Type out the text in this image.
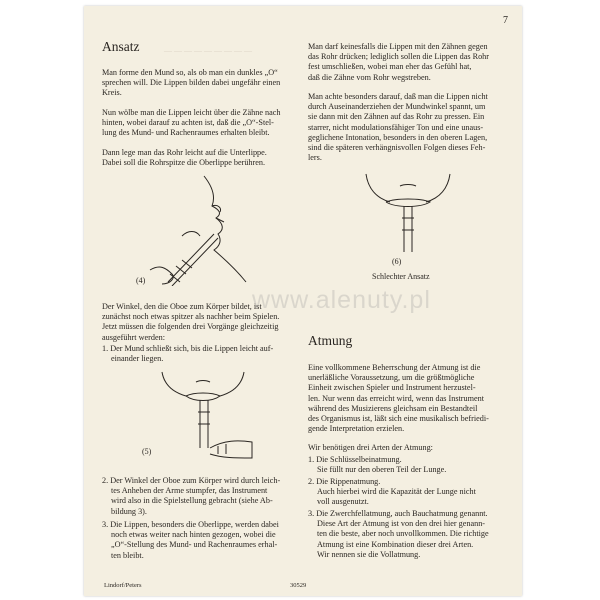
7
Ansatz	— — — — — — — — —

Man forme den Mund so, als ob man ein dunkles „O“
sprechen will. Die Lippen bilden dabei ungefähr einen
Kreis.

Nun wölbe man die Lippen leicht über die Zähne nach
hinten, wobei darauf zu achten ist, daß die „O“-Stel-
lung des Mund- und Rachenraumes erhalten bleibt.

Dann lege man das Rohr leicht auf die Unterlippe.
Dabei soll die Rohrspitze die Oberlippe berühren.

(4)

Der Winkel, den die Oboe zum Körper bildet, ist
zunächst noch etwas spitzer als nachher beim Spielen.
Jetzt müssen die folgenden drei Vorgänge gleichzeitig
ausgeführt werden:

1. Der Mund schließt sich, bis die Lippen leicht auf-
einander liegen.

(5)

2. Der Winkel der Oboe zum Körper wird durch leich-
tes Anheben der Arme stumpfer, das Instrument
wird also in die Spielstellung gebracht (siehe Ab-
bildung 3).

3. Die Lippen, besonders die Oberlippe, werden dabei
noch etwas weiter nach hinten gezogen, wobei die
„O“-Stellung des Mund- und Rachenraumes erhal-
ten bleibt.

Man darf keinesfalls die Lippen mit den Zähnen gegen
das Rohr drücken; lediglich sollen die Lippen das Rohr
fest umschließen, wobei man eher das Gefühl hat,
daß die Zähne vom Rohr wegstreben.

Man achte besonders darauf, daß man die Lippen nicht
durch Auseinanderziehen der Mundwinkel spannt, um
sie dann mit den Zähnen auf das Rohr zu pressen. Ein
starrer, nicht modulationsfähiger Ton und eine unaus-
geglichene Intonation, besonders in den oberen Lagen,
sind die späteren verhängnisvollen Folgen dieses Feh-
lers.

(6)
Schlechter Ansatz
Atmung

Eine vollkommene Beherrschung der Atmung ist die
unerläßliche Voraussetzung, um die größtmögliche
Einheit zwischen Spieler und Instrument herzustel-
len. Nur wenn das erreicht wird, wenn das Instrument
während des Musizierens gleichsam ein Bestandteil
des Organismus ist, läßt sich eine musikalisch befriedi-
gende Interpretation erzielen.

Wir benötigen drei Arten der Atmung:

1. Die Schlüsselbeinatmung.
Sie füllt nur den oberen Teil der Lunge.

2. Die Rippenatmung.
Auch hierbei wird die Kapazität der Lunge nicht
voll ausgenutzt.

3. Die Zwerchfellatmung, auch Bauchatmung genannt.
Diese Art der Atmung ist von den drei hier genann-
ten die beste, aber noch unvollkommen. Die richtige
Atmung ist eine Kombination dieser drei Arten.
Wir nennen sie die Vollatmung.

www.alenuty.pl
Lindorf/Peters	30529
